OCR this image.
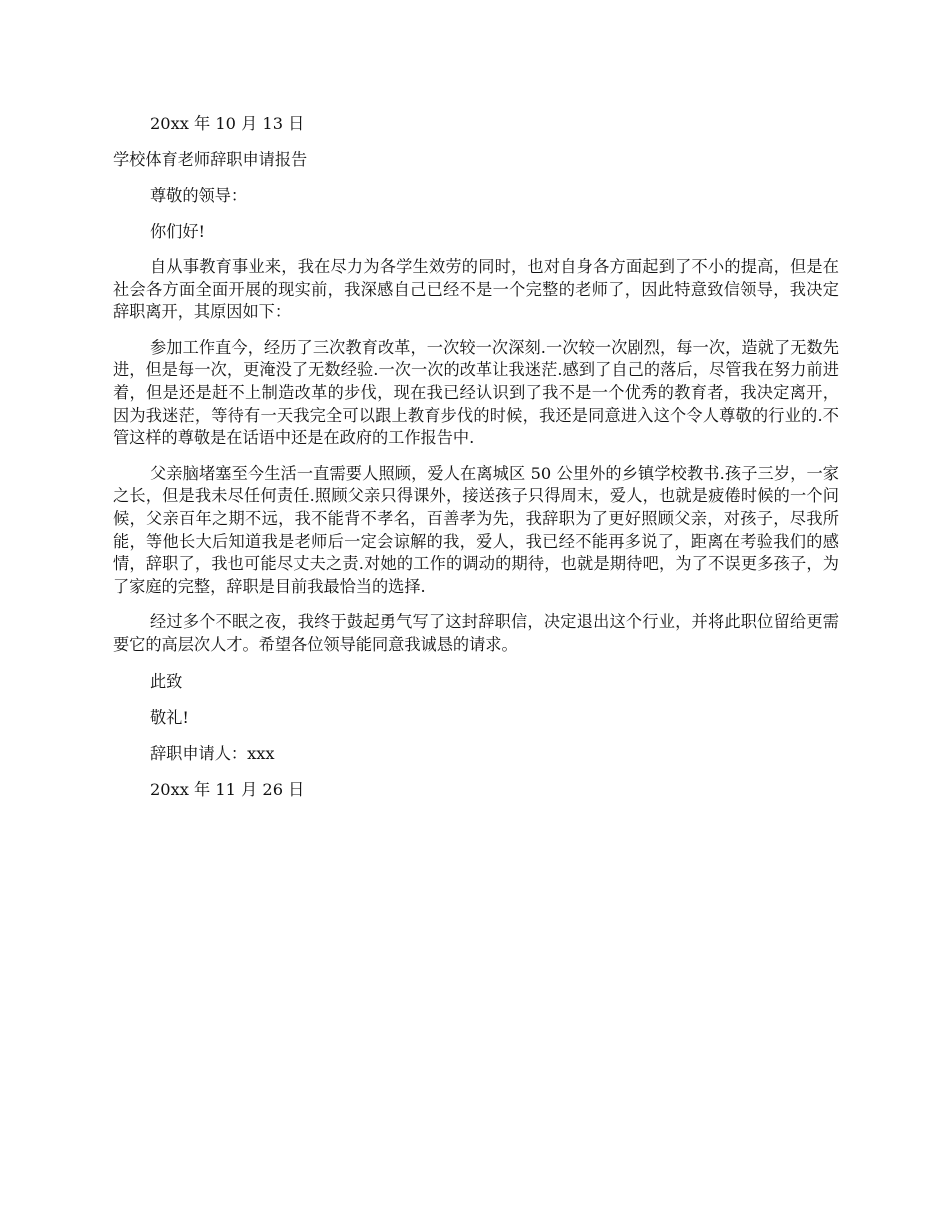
20xx 年 10 月 13 日
学校体育老师辞职申请报告
尊敬的领导：
你们好!
自从事教育事业来，我在尽力为各学生效劳的同时，也对自身各方面起到了不小的提高，但是在社会各方面全面开展的现实前，我深感自己已经不是一个完整的老师了，因此特意致信领导，我决定辞职离开，其原因如下：
参加工作直今，经历了三次教育改革，一次较一次深刻.一次较一次剧烈，每一次，造就了无数先进，但是每一次，更淹没了无数经验.一次一次的改革让我迷茫.感到了自己的落后，尽管我在努力前进着，但是还是赶不上制造改革的步伐，现在我已经认识到了我不是一个优秀的教育者，我决定离开，因为我迷茫，等待有一天我完全可以跟上教育步伐的时候，我还是同意进入这个令人尊敬的行业的.不管这样的尊敬是在话语中还是在政府的工作报告中.
父亲脑堵塞至今生活一直需要人照顾，爱人在离城区 50 公里外的乡镇学校教书.孩子三岁，一家之长，但是我未尽任何责任.照顾父亲只得课外，接送孩子只得周末，爱人，也就是疲倦时候的一个问候，父亲百年之期不远，我不能背不孝名，百善孝为先，我辞职为了更好照顾父亲，对孩子，尽我所能，等他长大后知道我是老师后一定会谅解的我，爱人，我已经不能再多说了，距离在考验我们的感情，辞职了，我也可能尽丈夫之责.对她的工作的调动的期待，也就是期待吧，为了不误更多孩子，为了家庭的完整，辞职是目前我最恰当的选择.
经过多个不眠之夜，我终于鼓起勇气写了这封辞职信，决定退出这个行业，并将此职位留给更需要它的高层次人才。希望各位领导能同意我诚恳的请求。
此致
敬礼!
辞职申请人：xxx
20xx 年 11 月 26 日
